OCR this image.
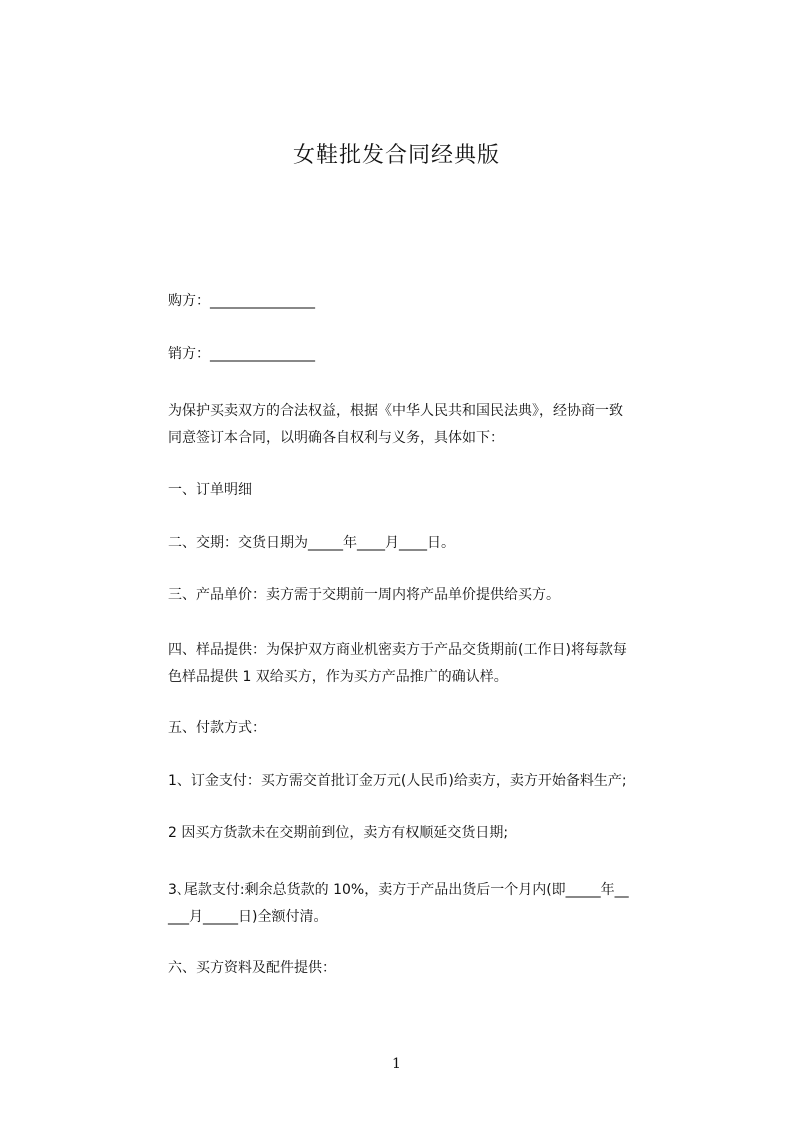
女鞋批发合同经典版
购方：_______________
销方：_______________
为保护买卖双方的合法权益，根据《中华人民共和国民法典》，经协商一致
同意签订本合同，以明确各自权利与义务，具体如下：
一、订单明细
二、交期：交货日期为_____年____月____日。
三、产品单价：卖方需于交期前一周内将产品单价提供给买方。
四、样品提供：为保护双方商业机密卖方于产品交货期前(工作日)将每款每
色样品提供 1 双给买方，作为买方产品推广的确认样。
五、付款方式：
1、订金支付：买方需交首批订金万元(人民币)给卖方，卖方开始备料生产;
2 因买方货款未在交期前到位，卖方有权顺延交货日期;
3､尾款支付:剩余总货款的 10%，卖方于产品出货后一个月内(即_____年__
___月_____日)全额付清。
六、买方资料及配件提供：
1
